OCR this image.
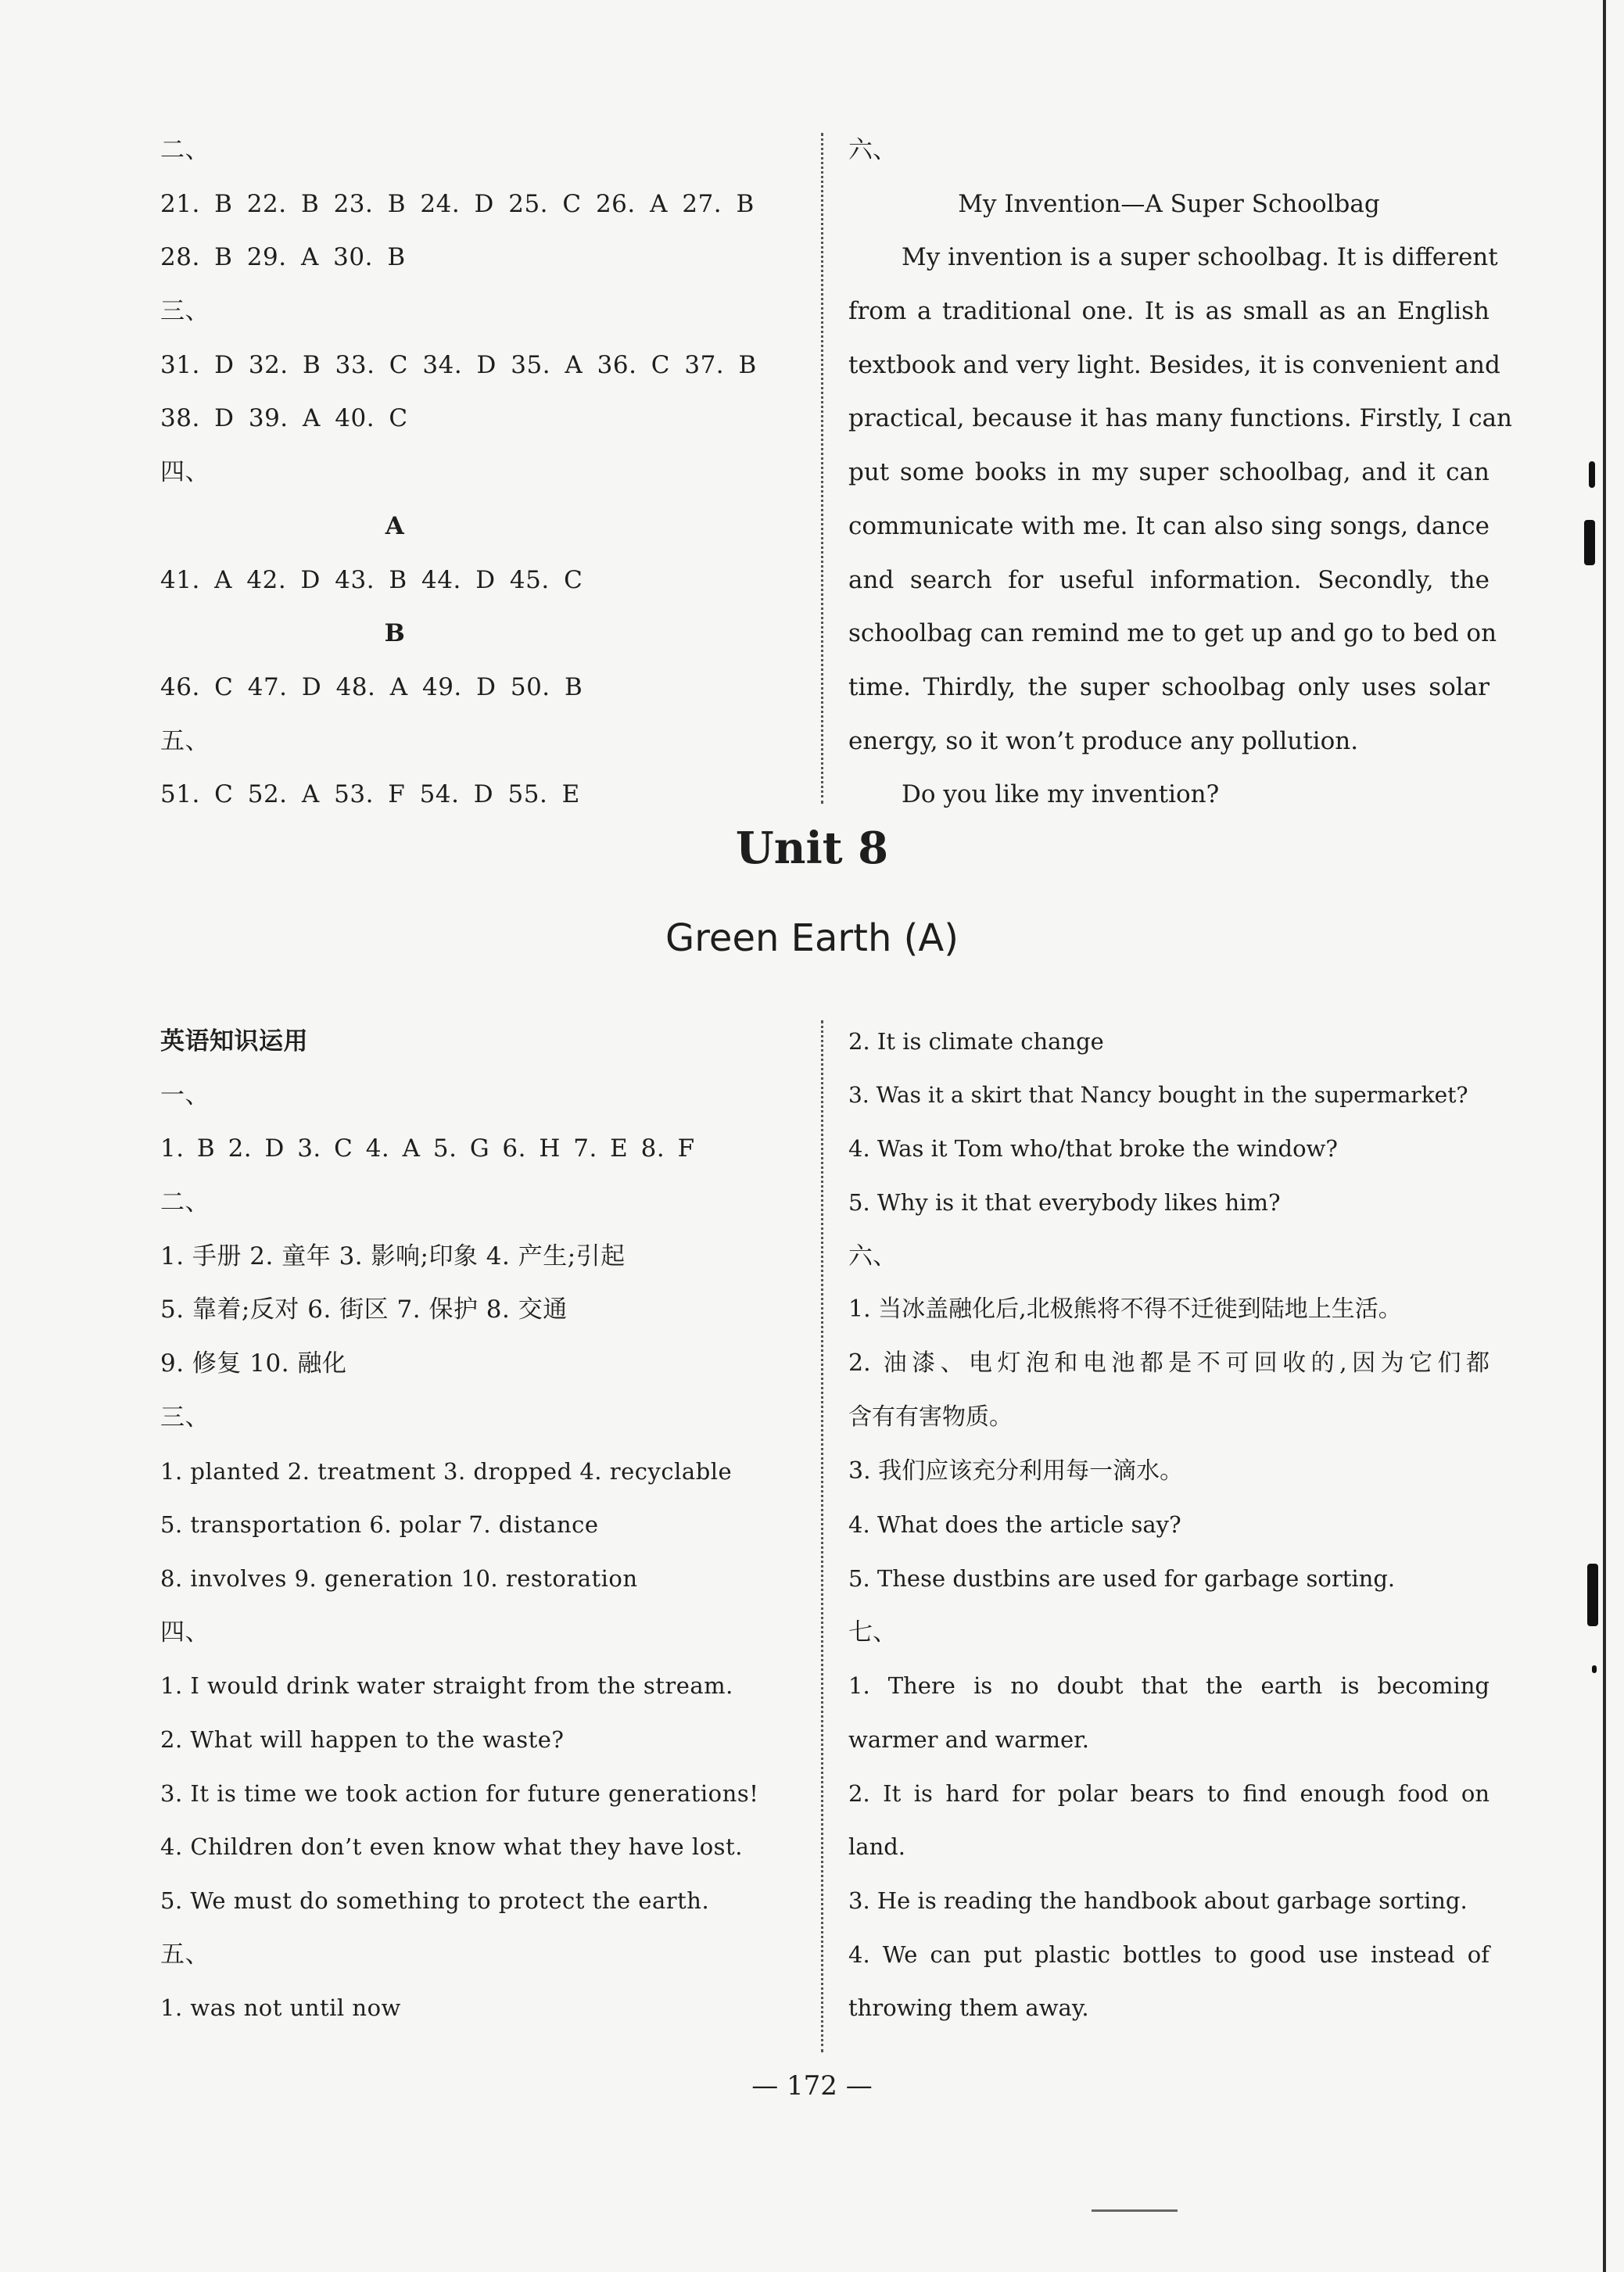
二、
21. B 22. B 23. B 24. D 25. C 26. A 27. B
28. B 29. A 30. B
三、
31. D 32. B 33. C 34. D 35. A 36. C 37. B
38. D 39. A 40. C
四、
A
41. A 42. D 43. B 44. D 45. C
B
46. C 47. D 48. A 49. D 50. B
五、
51. C 52. A 53. F 54. D 55. E
六、
My Invention—A Super Schoolbag
My invention is a super schoolbag. It is different
from a traditional one. It is as small as an English
textbook and very light. Besides, it is convenient and
practical, because it has many functions. Firstly, I can
put some books in my super schoolbag, and it can
communicate with me. It can also sing songs, dance
and search for useful information. Secondly, the
schoolbag can remind me to get up and go to bed on
time. Thirdly, the super schoolbag only uses solar
energy, so it won’t produce any pollution.
Do you like my invention?
Unit 8
Green Earth (A)
英语知识运用
一、
1. B 2. D 3. C 4. A 5. G 6. H 7. E 8. F
二、
1. 手册 2. 童年 3. 影响;印象 4. 产生;引起
5. 靠着;反对 6. 街区 7. 保护 8. 交通
9. 修复 10. 融化
三、
1. planted 2. treatment 3. dropped 4. recyclable
5. transportation 6. polar 7. distance
8. involves 9. generation 10. restoration
四、
1. I would drink water straight from the stream.
2. What will happen to the waste?
3. It is time we took action for future generations!
4. Children don’t even know what they have lost.
5. We must do something to protect the earth.
五、
1. was not until now
2. It is climate change
3. Was it a skirt that Nancy bought in the supermarket?
4. Was it Tom who/that broke the window?
5. Why is it that everybody likes him?
六、
1. 当冰盖融化后,北极熊将不得不迁徙到陆地上生活。
2. 油漆、电灯泡和电池都是不可回收的,因为它们都
含有有害物质。
3. 我们应该充分利用每一滴水。
4. What does the article say?
5. These dustbins are used for garbage sorting.
七、
1. There is no doubt that the earth is becoming
warmer and warmer.
2. It is hard for polar bears to find enough food on
land.
3. He is reading the handbook about garbage sorting.
4. We can put plastic bottles to good use instead of
throwing them away.
— 172 —
